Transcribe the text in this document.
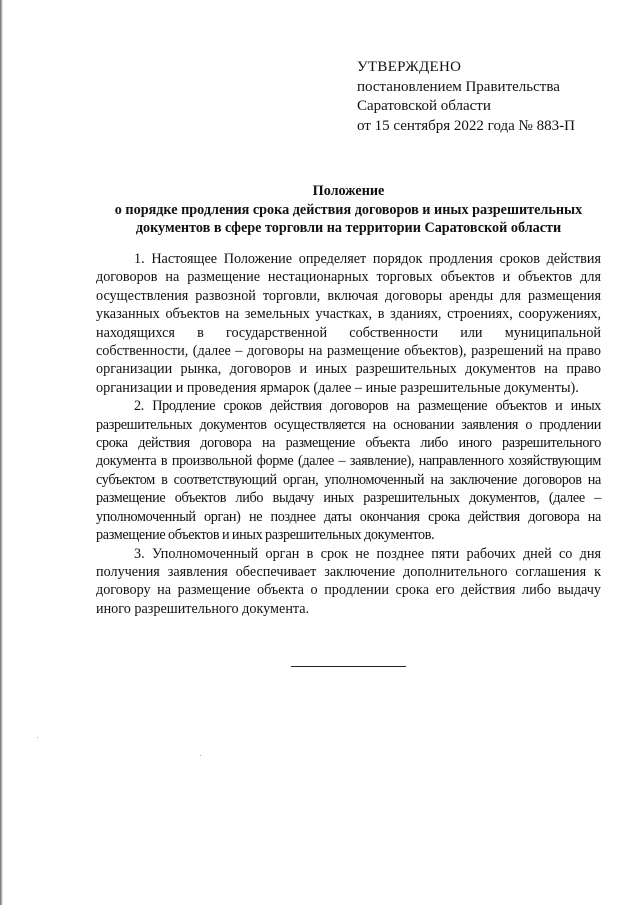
УТВЕРЖДЕНО
постановлением Правительства
Саратовской области
от 15 сентября 2022 года № 883-П
Положение
о порядке продления срока действия договоров и иных разрешительных
документов в сфере торговли на территории Саратовской области

1. Настоящее Положение определяет порядок продления сроков действия договоров на размещение нестационарных торговых объектов и объектов для осуществления развозной торговли, включая договоры аренды для размещения указанных объектов на земельных участках, в зданиях, строениях, сооружениях, находящихся в государственной собственности или муниципальной собственности, (далее – договоры на размещение объектов), разрешений на право организации рынка, договоров и иных разрешительных документов на право организации и проведения ярмарок (далее – иные разрешительные документы).

2. Продление сроков действия договоров на размещение объектов и иных разрешительных документов осуществляется на основании заявления о продлении срока действия договора на размещение объекта либо иного разрешительного документа в произвольной форме (далее – заявление), направленного хозяйствующим субъектом в соответствующий орган, уполномоченный на заключение договоров на размещение объектов либо выдачу иных разрешительных документов, (далее – уполномоченный орган) не позднее даты окончания срока действия договора на размещение объектов и иных разрешительных документов.

3. Уполномоченный орган в срок не позднее пяти рабочих дней со дня получения заявления обеспечивает заключение дополнительного соглашения к договору на размещение объекта о продлении срока его действия либо выдачу иного разрешительного документа.
